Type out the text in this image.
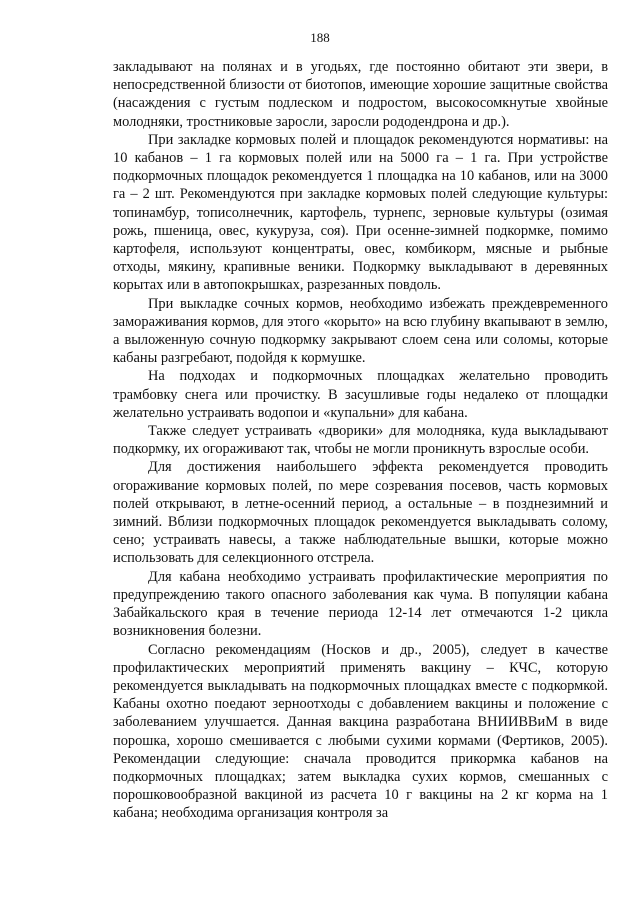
188

закладывают на полянах и в угодьях, где постоянно обитают эти звери, в непосредственной близости от биотопов, имеющие хорошие защитные свойства (насаждения с густым подлеском и подростом, высокосомкнутые хвойные молодняки, тростниковые заросли, заросли рододендрона и др.).

При закладке кормовых полей и площадок рекомендуются нормативы: на 10 кабанов – 1 га кормовых полей или на 5000 га – 1 га. При устройстве подкормочных площадок рекомендуется 1 площадка на 10 кабанов, или на 3000 га – 2 шт. Рекомендуются при закладке кормовых полей следующие культуры: топинамбур, тописолнечник, картофель, турнепс, зерновые культуры (озимая рожь, пшеница, овес, кукуруза, соя). При осенне-зимней подкормке, помимо картофеля, используют концентраты, овес, комбикорм, мясные и рыбные отходы, мякину, крапивные веники. Подкормку выкладывают в деревянных корытах или в автопокрышках, разрезанных повдоль.

При выкладке сочных кормов, необходимо избежать преждевременного замораживания кормов, для этого «корыто» на всю глубину вкапывают в землю, а выложенную сочную подкормку закрывают слоем сена или соломы, которые кабаны разгребают, подойдя к кормушке.

На подходах и подкормочных площадках желательно проводить трамбовку снега или прочистку. В засушливые годы недалеко от площадки желательно устраивать водопои и «купальни» для кабана.

Также следует устраивать «дворики» для молодняка, куда выкладывают подкормку, их огораживают так, чтобы не могли проникнуть взрослые особи.

Для достижения наибольшего эффекта рекомендуется проводить огораживание кормовых полей, по мере созревания посевов, часть кормовых полей открывают, в летне-осенний период, а остальные – в позднезимний и зимний. Вблизи подкормочных площадок рекомендуется выкладывать солому, сено; устраивать навесы, а также наблюдательные вышки, которые можно использовать для селекционного отстрела.

Для кабана необходимо устраивать профилактические мероприятия по предупреждению такого опасного заболевания как чума. В популяции кабана Забайкальского края в течение периода 12-14 лет отмечаются 1-2 цикла возникновения болезни.

Согласно рекомендациям (Носков и др., 2005), следует в качестве профилактических мероприятий применять вакцину – КЧС, которую рекомендуется выкладывать на подкормочных площадках вместе с подкормкой. Кабаны охотно поедают зерноотходы с добавлением вакцины и положение с заболеванием улучшается. Данная вакцина разработана ВНИИВВиМ в виде порошка, хорошо смешивается с любыми сухими кормами (Фертиков, 2005). Рекомендации следующие: сначала проводится прикормка кабанов на подкормочных площадках; затем выкладка сухих кормов, смешанных с порошковообразной вакциной из расчета 10 г вакцины на 2 кг корма на 1 кабана; необходима организация контроля за
